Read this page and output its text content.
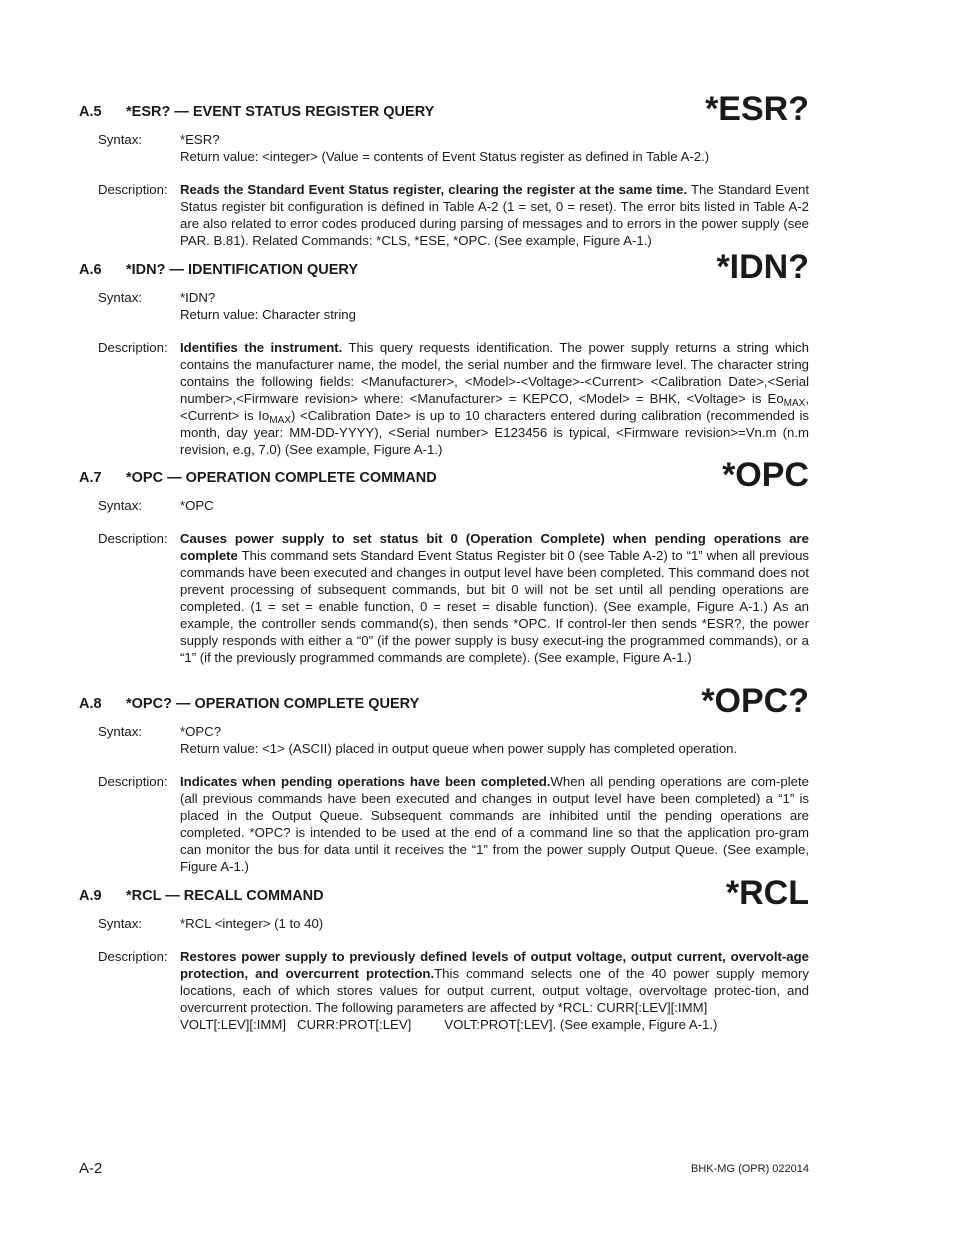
A.5 *ESR? — EVENT STATUS REGISTER QUERY	*ESR?
Syntax:	*ESR?
Return value: <integer> (Value = contents of Event Status register as defined in Table A-2.)
Description: Reads the Standard Event Status register, clearing the register at the same time. The Standard Event Status register bit configuration is defined in Table A-2 (1 = set, 0 = reset). The error bits listed in Table A-2 are also related to error codes produced during parsing of messages and to errors in the power supply (see PAR. B.81). Related Commands: *CLS, *ESE, *OPC. (See example, Figure A-1.)
A.6 *IDN? — IDENTIFICATION QUERY	*IDN?
Syntax:	*IDN?
Return value: Character string
Description: Identifies the instrument. This query requests identification. The power supply returns a string which contains the manufacturer name, the model, the serial number and the firmware level. The character string contains the following fields: <Manufacturer>, <Model>-<Voltage>-<Current> <Calibration Date>,<Serial number>,<Firmware revision> where: <Manufacturer> = KEPCO, <Model> = BHK, <Voltage> is $Eo_{MAX}$, <Current> is $Io_{MAX}$) <Calibration Date> is up to 10 characters entered during calibration (recommended is month, day year: MM-DD-YYYY), <Serial number> E123456 is typical, <Firmware revision>=Vn.m (n.m revision, e.g, 7.0) (See example, Figure A-1.)
A.7 *OPC — OPERATION COMPLETE COMMAND	*OPC
Syntax:	*OPC
Description: Causes power supply to set status bit 0 (Operation Complete) when pending operations are complete This command sets Standard Event Status Register bit 0 (see Table A-2) to “1” when all previous commands have been executed and changes in output level have been completed. This command does not prevent processing of subsequent commands, but bit 0 will not be set until all pending operations are completed. (1 = set = enable function, 0 = reset = disable function). (See example, Figure A-1.) As an example, the controller sends command(s), then sends *OPC. If control-ler then sends *ESR?, the power supply responds with either a “0” (if the power supply is busy execut-ing the programmed commands), or a “1” (if the previously programmed commands are complete). (See example, Figure A-1.)
A.8 *OPC? — OPERATION COMPLETE QUERY	*OPC?
Syntax:	*OPC?
Return value: <1> (ASCII) placed in output queue when power supply has completed operation.
Description: Indicates when pending operations have been completed.When all pending operations are com-plete (all previous commands have been executed and changes in output level have been completed) a “1” is placed in the Output Queue. Subsequent commands are inhibited until the pending operations are completed. *OPC? is intended to be used at the end of a command line so that the application pro-gram can monitor the bus for data until it receives the “1” from the power supply Output Queue. (See example, Figure A-1.)
A.9 *RCL — RECALL COMMAND	*RCL
Syntax:	*RCL <integer> (1 to 40)
Description: Restores power supply to previously defined levels of output voltage, output current, overvolt-age protection, and overcurrent protection.This command selects one of the 40 power supply memory locations, each of which stores values for output current, output voltage, overvoltage protec-tion, and overcurrent protection. The following parameters are affected by *RCL: CURR[:LEV][:IMM]
VOLT[:LEV][:IMM]   CURR:PROT[:LEV]         VOLT:PROT[:LEV]. (See example, Figure A-1.)
A-2	BHK-MG (OPR) 022014
